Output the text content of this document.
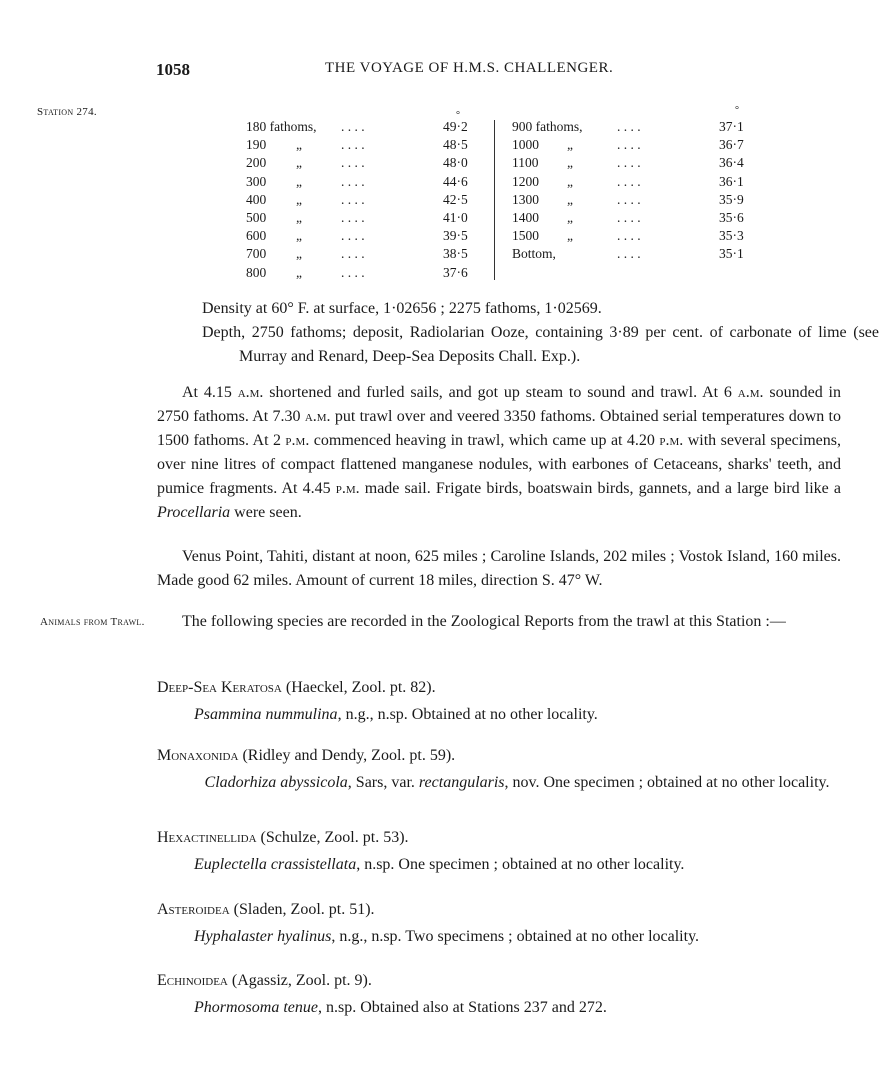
1058	THE VOYAGE OF H.M.S. CHALLENGER.
Station 274.	°	°
180 fathoms, . . . .	49·2
190 „	. . . .	48·5
200 „	. . . .	48·0
300 „	. . . .	44·6
400 „	. . . .	42·5
500 „	. . . .	41·0
600 „	. . . .	39·5
700 „	. . . .	38·5
800 „	. . . .	37·6
900 fathoms,	. . . .	37·1
1000 „	. . . .	36·7
1100 „	. . . .	36·4
1200 „	. . . .	36·1
1300 „	. . . .	35·9
1400 „	. . . .	35·6
1500 „	. . . .	35·3
Bottom,	. . . .	35·1

Density at 60° F. at surface, 1·02656 ; 2275 fathoms, 1·02569.

Depth, 2750 fathoms; deposit, Radiolarian Ooze, containing 3·89 per cent. of carbonate of lime (see Murray and Renard, Deep-Sea Deposits Chall. Exp.).

At 4.15 a.m. shortened and furled sails, and got up steam to sound and trawl. At 6 a.m. sounded in 2750 fathoms. At 7.30 a.m. put trawl over and veered 3350 fathoms. Obtained serial temperatures down to 1500 fathoms. At 2 p.m. commenced heaving in trawl, which came up at 4.20 p.m. with several specimens, over nine litres of compact flattened manganese nodules, with earbones of Cetaceans, sharks' teeth, and pumice fragments. At 4.45 p.m. made sail. Frigate birds, boatswain birds, gannets, and a large bird like a Procellaria were seen.

Venus Point, Tahiti, distant at noon, 625 miles ; Caroline Islands, 202 miles ; Vostok Island, 160 miles. Made good 62 miles. Amount of current 18 miles, direction S. 47° W.

Animals from Trawl.	The following species are recorded in the Zoological Reports from the trawl at this Station :—

Deep-Sea Keratosa (Haeckel, Zool. pt. 82).
Psammina nummulina, n.g., n.sp. Obtained at no other locality.
Monaxonida (Ridley and Dendy, Zool. pt. 59).
Cladorhiza abyssicola, Sars, var. rectangularis, nov. One specimen ; obtained at no other locality.
Hexactinellida (Schulze, Zool. pt. 53).
Euplectella crassistellata, n.sp. One specimen ; obtained at no other locality.
Asteroidea (Sladen, Zool. pt. 51).
Hyphalaster hyalinus, n.g., n.sp. Two specimens ; obtained at no other locality.
Echinoidea (Agassiz, Zool. pt. 9).
Phormosoma tenue, n.sp. Obtained also at Stations 237 and 272.
